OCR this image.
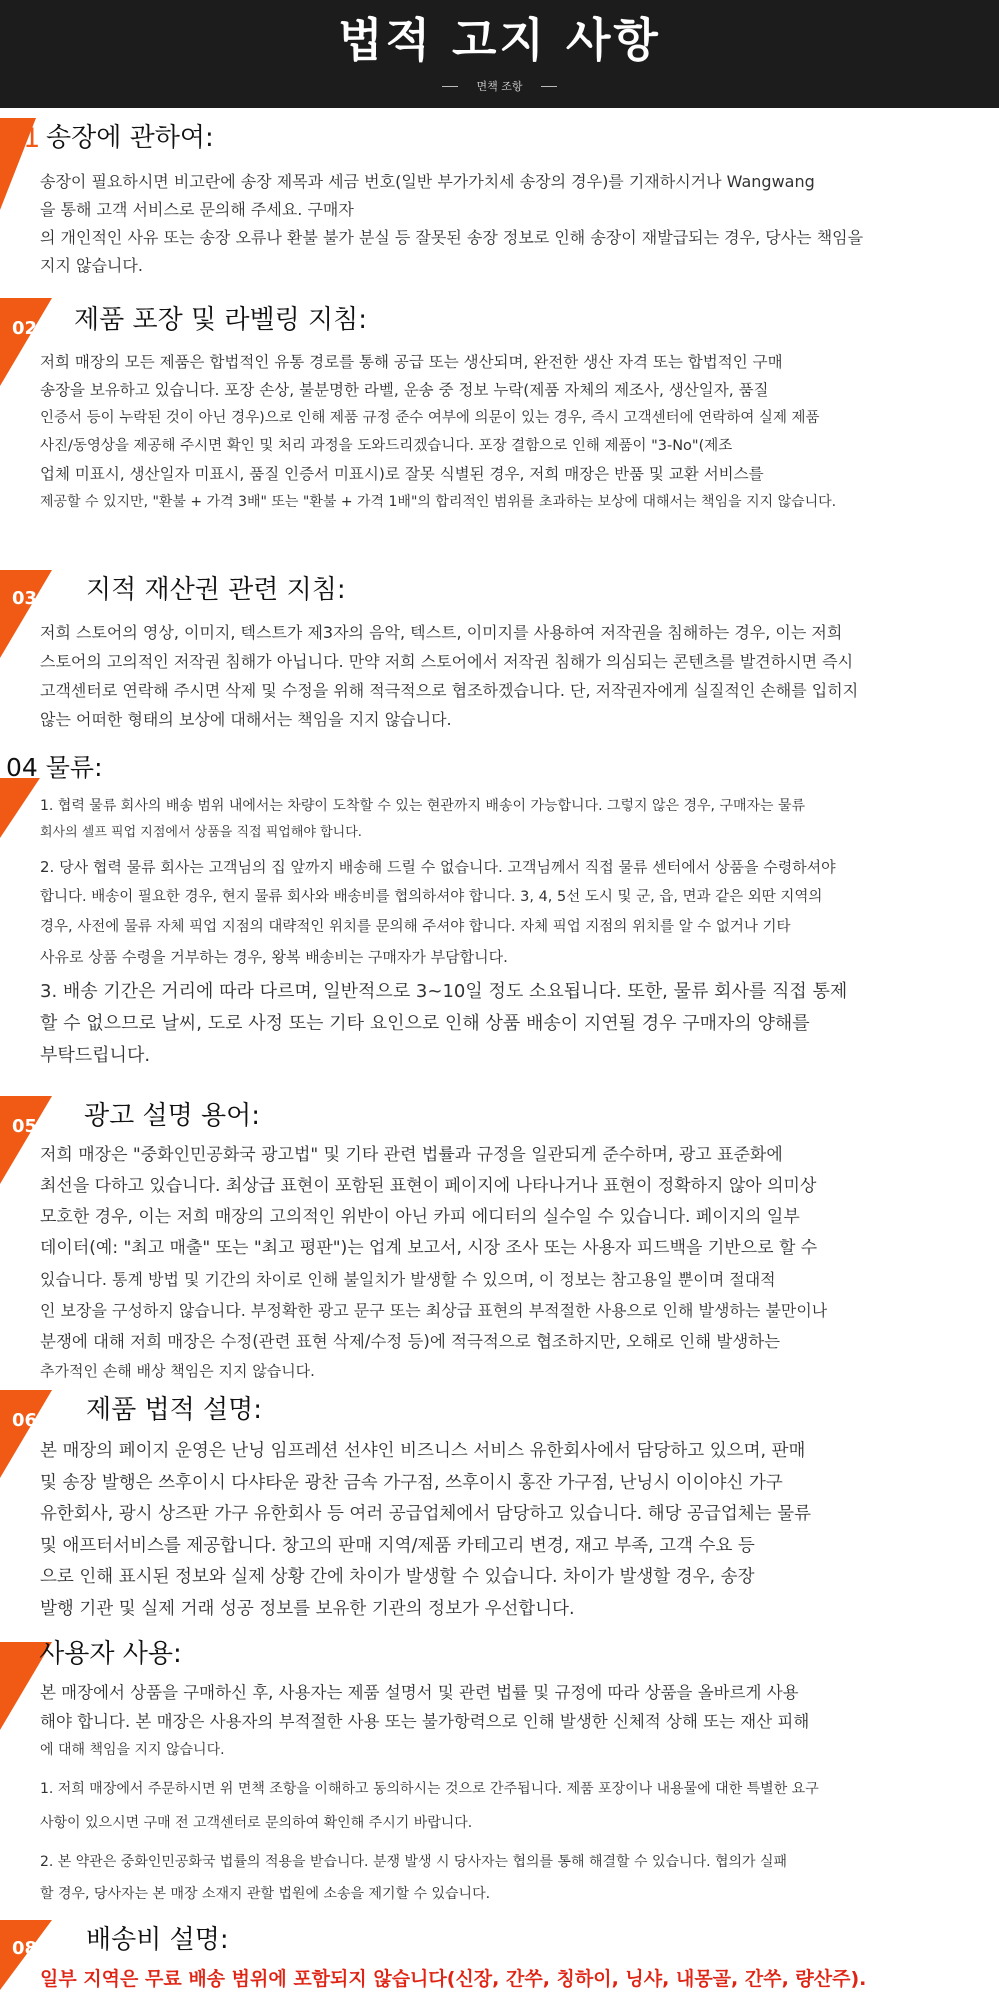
법적 고지 사항
면책 조항
01 송장에 관하여:

송장이 필요하시면 비고란에 송장 제목과 세금 번호(일반 부가가치세 송장의 경우)를 기재하시거나 Wangwang

을 통해 고객 서비스로 문의해 주세요. 구매자

의 개인적인 사유 또는 송장 오류나 환불 불가 분실 등 잘못된 송장 정보로 인해 송장이 재발급되는 경우, 당사는 책임을

지지 않습니다.

02 제품 포장 및 라벨링 지침:

저희 매장의 모든 제품은 합법적인 유통 경로를 통해 공급 또는 생산되며, 완전한 생산 자격 또는 합법적인 구매

송장을 보유하고 있습니다. 포장 손상, 불분명한 라벨, 운송 중 정보 누락(제품 자체의 제조사, 생산일자, 품질

인증서 등이 누락된 것이 아닌 경우)으로 인해 제품 규정 준수 여부에 의문이 있는 경우, 즉시 고객센터에 연락하여 실제 제품

사진/동영상을 제공해 주시면 확인 및 처리 과정을 도와드리겠습니다. 포장 결함으로 인해 제품이 "3-No"(제조

업체 미표시, 생산일자 미표시, 품질 인증서 미표시)로 잘못 식별된 경우, 저희 매장은 반품 및 교환 서비스를

제공할 수 있지만, "환불 + 가격 3배" 또는 "환불 + 가격 1배"의 합리적인 범위를 초과하는 보상에 대해서는 책임을 지지 않습니다.

03 지적 재산권 관련 지침:

저희 스토어의 영상, 이미지, 텍스트가 제3자의 음악, 텍스트, 이미지를 사용하여 저작권을 침해하는 경우, 이는 저희

스토어의 고의적인 저작권 침해가 아닙니다. 만약 저희 스토어에서 저작권 침해가 의심되는 콘텐츠를 발견하시면 즉시

고객센터로 연락해 주시면 삭제 및 수정을 위해 적극적으로 협조하겠습니다. 단, 저작권자에게 실질적인 손해를 입히지

않는 어떠한 형태의 보상에 대해서는 책임을 지지 않습니다.

04 물류:

1. 협력 물류 회사의 배송 범위 내에서는 차량이 도착할 수 있는 현관까지 배송이 가능합니다. 그렇지 않은 경우, 구매자는 물류

회사의 셀프 픽업 지점에서 상품을 직접 픽업해야 합니다.

2. 당사 협력 물류 회사는 고객님의 집 앞까지 배송해 드릴 수 없습니다. 고객님께서 직접 물류 센터에서 상품을 수령하셔야

합니다. 배송이 필요한 경우, 현지 물류 회사와 배송비를 협의하셔야 합니다. 3, 4, 5선 도시 및 군, 읍, 면과 같은 외딴 지역의

경우, 사전에 물류 자체 픽업 지점의 대략적인 위치를 문의해 주셔야 합니다. 자체 픽업 지점의 위치를 알 수 없거나 기타

사유로 상품 수령을 거부하는 경우, 왕복 배송비는 구매자가 부담합니다.

3. 배송 기간은 거리에 따라 다르며, 일반적으로 3~10일 정도 소요됩니다. 또한, 물류 회사를 직접 통제

할 수 없으므로 날씨, 도로 사정 또는 기타 요인으로 인해 상품 배송이 지연될 경우 구매자의 양해를

부탁드립니다.

05 광고 설명 용어:

저희 매장은 "중화인민공화국 광고법" 및 기타 관련 법률과 규정을 일관되게 준수하며, 광고 표준화에

최선을 다하고 있습니다. 최상급 표현이 포함된 표현이 페이지에 나타나거나 표현이 정확하지 않아 의미상

모호한 경우, 이는 저희 매장의 고의적인 위반이 아닌 카피 에디터의 실수일 수 있습니다. 페이지의 일부

데이터(예: "최고 매출" 또는 "최고 평판")는 업계 보고서, 시장 조사 또는 사용자 피드백을 기반으로 할 수

있습니다. 통계 방법 및 기간의 차이로 인해 불일치가 발생할 수 있으며, 이 정보는 참고용일 뿐이며 절대적

인 보장을 구성하지 않습니다. 부정확한 광고 문구 또는 최상급 표현의 부적절한 사용으로 인해 발생하는 불만이나

분쟁에 대해 저희 매장은 수정(관련 표현 삭제/수정 등)에 적극적으로 협조하지만, 오해로 인해 발생하는

추가적인 손해 배상 책임은 지지 않습니다.

06 제품 법적 설명:

본 매장의 페이지 운영은 난닝 임프레션 선샤인 비즈니스 서비스 유한회사에서 담당하고 있으며, 판매

및 송장 발행은 쓰후이시 다샤타운 광찬 금속 가구점, 쓰후이시 홍잔 가구점, 난닝시 이이야신 가구

유한회사, 광시 상즈판 가구 유한회사 등 여러 공급업체에서 담당하고 있습니다. 해당 공급업체는 물류

및 애프터서비스를 제공합니다. 창고의 판매 지역/제품 카테고리 변경, 재고 부족, 고객 수요 등

으로 인해 표시된 정보와 실제 상황 간에 차이가 발생할 수 있습니다. 차이가 발생할 경우, 송장

발행 기관 및 실제 거래 성공 정보를 보유한 기관의 정보가 우선합니다.

07사용자 사용:

본 매장에서 상품을 구매하신 후, 사용자는 제품 설명서 및 관련 법률 및 규정에 따라 상품을 올바르게 사용

해야 합니다. 본 매장은 사용자의 부적절한 사용 또는 불가항력으로 인해 발생한 신체적 상해 또는 재산 피해

에 대해 책임을 지지 않습니다.

1. 저희 매장에서 주문하시면 위 면책 조항을 이해하고 동의하시는 것으로 간주됩니다. 제품 포장이나 내용물에 대한 특별한 요구

사항이 있으시면 구매 전 고객센터로 문의하여 확인해 주시기 바랍니다.

2. 본 약관은 중화인민공화국 법률의 적용을 받습니다. 분쟁 발생 시 당사자는 협의를 통해 해결할 수 있습니다. 협의가 실패

할 경우, 당사자는 본 매장 소재지 관할 법원에 소송을 제기할 수 있습니다.

08 배송비 설명:

일부 지역은 무료 배송 범위에 포함되지 않습니다(신장, 간쑤, 칭하이, 닝샤, 내몽골, 간쑤, 량산주).
